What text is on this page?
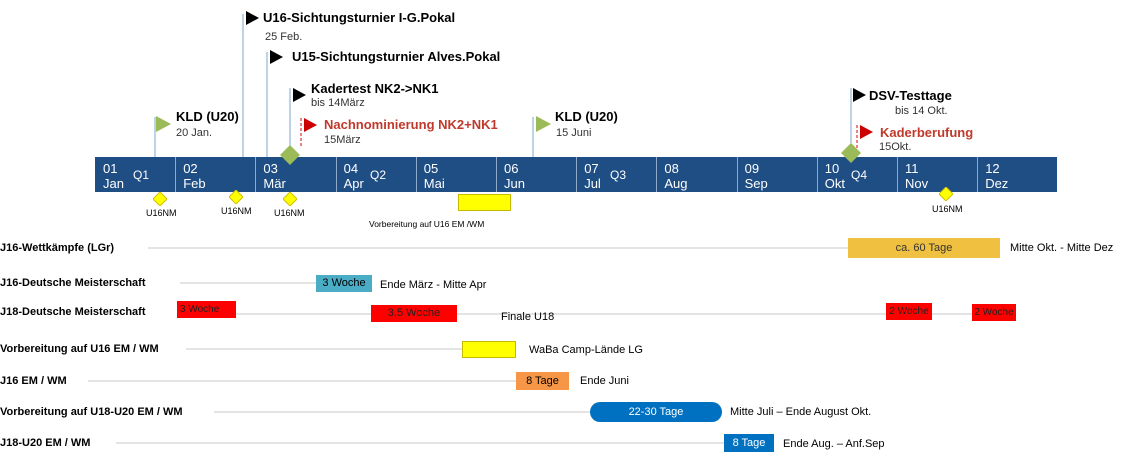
U16-Sichtungsturnier I-G.Pokal
25 Feb.
U15-Sichtungsturnier Alves.Pokal
Kadertest NK2->NK1
bis 14März
Nachnominierung NK2+NK1
15März
KLD (U20)
20 Jan.
KLD (U20)
15 Juni
DSV-Testtage
bis 14 Okt.
Kaderberufung
15Okt.
01
Jan
02
Feb
03
Mär
04
Apr
05
Mai
06
Jun
07
Jul
08
Aug
09
Sep
10
Okt
11
Nov
12
Dez
Q1	Q2	Q3	Q4
U16NM	U16NM U16NM	U16NM
Vorbereitung auf U16 EM /WM
J16-Wettkämpfe (LGr)	ca. 60 Tage	Mitte Okt. - Mitte Dez
J16-Deutsche Meisterschaft	3 Woche	Ende März - Mitte Apr
J18-Deutsche Meisterschaft	3 Woche	3,5 Woche	Finale U18	2 Woche	2 Woche
Vorbereitung auf U16 EM / WM	WaBa Camp-Lände LG
J16 EM / WM	8 Tage	Ende Juni
Vorbereitung auf U18-U20 EM / WM	22-30 Tage	Mitte Juli – Ende August Okt.
J18-U20 EM / WM	8 Tage	Ende Aug. – Anf.Sep
